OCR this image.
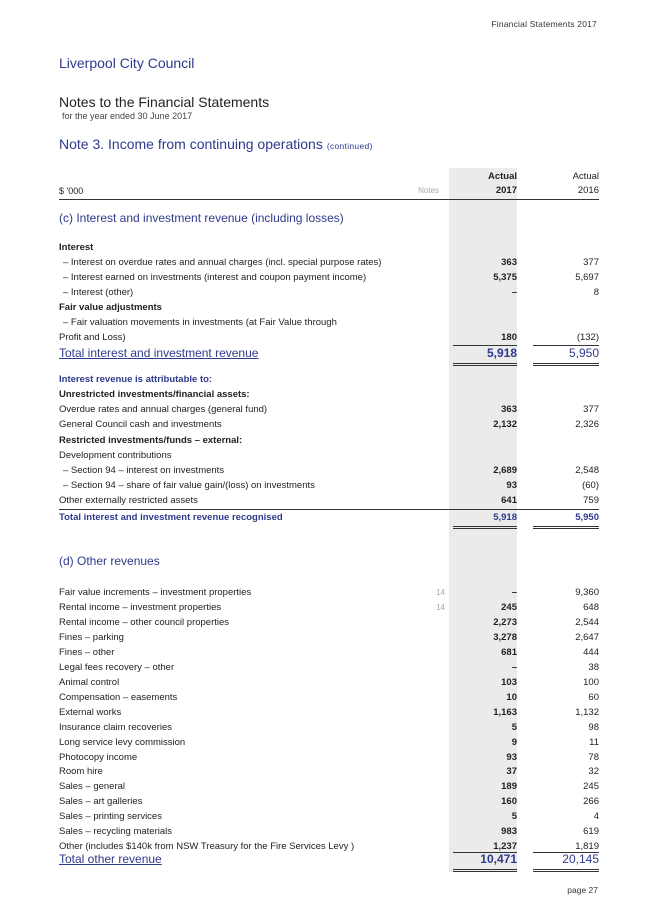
Financial Statements 2017
Liverpool City Council
Notes to the Financial Statements
for the year ended 30 June 2017
Note 3. Income from continuing operations (continued)
Actual	Actual
$ '000	Notes	2017	2016
(c) Interest and investment revenue (including losses)
Interest
– Interest on overdue rates and annual charges (incl. special purpose rates)	363	377
– Interest earned on investments (interest and coupon payment income)	5,375	5,697
– Interest (other)	–	8
Fair value adjustments
– Fair valuation movements in investments (at Fair Value through
Profit and Loss)	180	(132)
Total interest and investment revenue	5,918	5,950
Interest revenue is attributable to:
Unrestricted investments/financial assets:
Overdue rates and annual charges (general fund)	363	377
General Council cash and investments	2,132	2,326
Restricted investments/funds – external:
Development contributions
– Section 94 – interest on investments	2,689	2,548
– Section 94 – share of fair value gain/(loss) on investments	93	(60)
Other externally restricted assets	641	759
Total interest and investment revenue recognised	5,918	5,950
(d) Other revenues
Fair value increments – investment properties	14	–	9,360
Rental income – investment properties	14	245	648
Rental income – other council properties	2,273	2,544
Fines – parking	3,278	2,647
Fines – other	681	444
Legal fees recovery – other	–	38
Animal control	103	100
Compensation – easements	10	60
External works	1,163	1,132
Insurance claim recoveries	5	98
Long service levy commission	9	11
Photocopy income	93	78
Room hire	37	32
Sales – general	189	245
Sales – art galleries	160	266
Sales – printing services	5	4
Sales – recycling materials	983	619
Other (includes $140k from NSW Treasury for the Fire Services Levy )	1,237	1,819
Total other revenue	10,471	20,145
page 27
